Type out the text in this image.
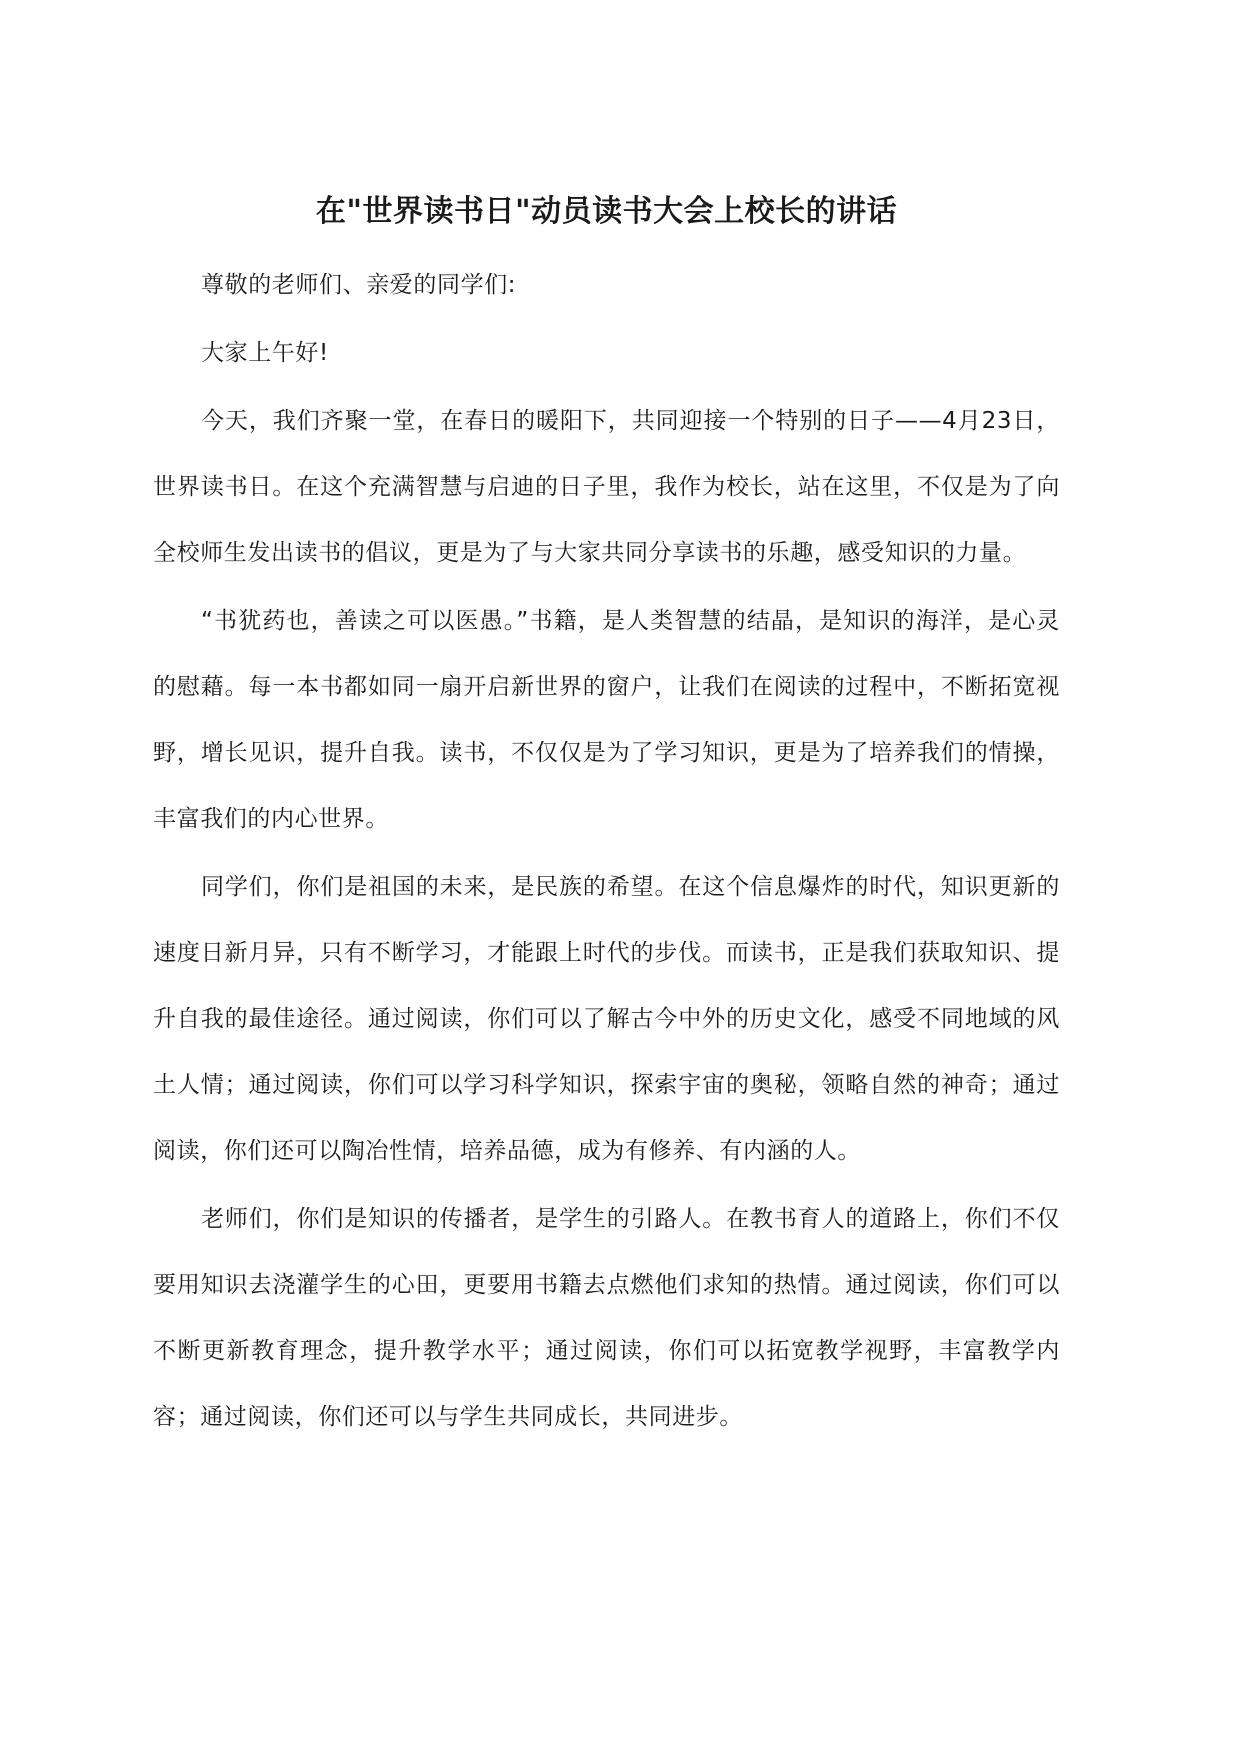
在"世界读书日"动员读书大会上校长的讲话

尊敬的老师们、亲爱的同学们:

大家上午好!

今天，我们齐聚一堂，在春日的暖阳下，共同迎接一个特别的日子——4月23日，世界读书日。在这个充满智慧与启迪的日子里，我作为校长，站在这里，不仅是为了向全校师生发出读书的倡议，更是为了与大家共同分享读书的乐趣，感受知识的力量。

“书犹药也，善读之可以医愚。”书籍，是人类智慧的结晶，是知识的海洋，是心灵的慰藉。每一本书都如同一扇开启新世界的窗户，让我们在阅读的过程中，不断拓宽视野，增长见识，提升自我。读书，不仅仅是为了学习知识，更是为了培养我们的情操，丰富我们的内心世界。

同学们，你们是祖国的未来，是民族的希望。在这个信息爆炸的时代，知识更新的速度日新月异，只有不断学习，才能跟上时代的步伐。而读书，正是我们获取知识、提升自我的最佳途径。通过阅读，你们可以了解古今中外的历史文化，感受不同地域的风土人情；通过阅读，你们可以学习科学知识，探索宇宙的奥秘，领略自然的神奇；通过阅读，你们还可以陶冶性情，培养品德，成为有修养、有内涵的人。

老师们，你们是知识的传播者，是学生的引路人。在教书育人的道路上，你们不仅要用知识去浇灌学生的心田，更要用书籍去点燃他们求知的热情。通过阅读，你们可以不断更新教育理念，提升教学水平；通过阅读，你们可以拓宽教学视野，丰富教学内容；通过阅读，你们还可以与学生共同成长，共同进步。
